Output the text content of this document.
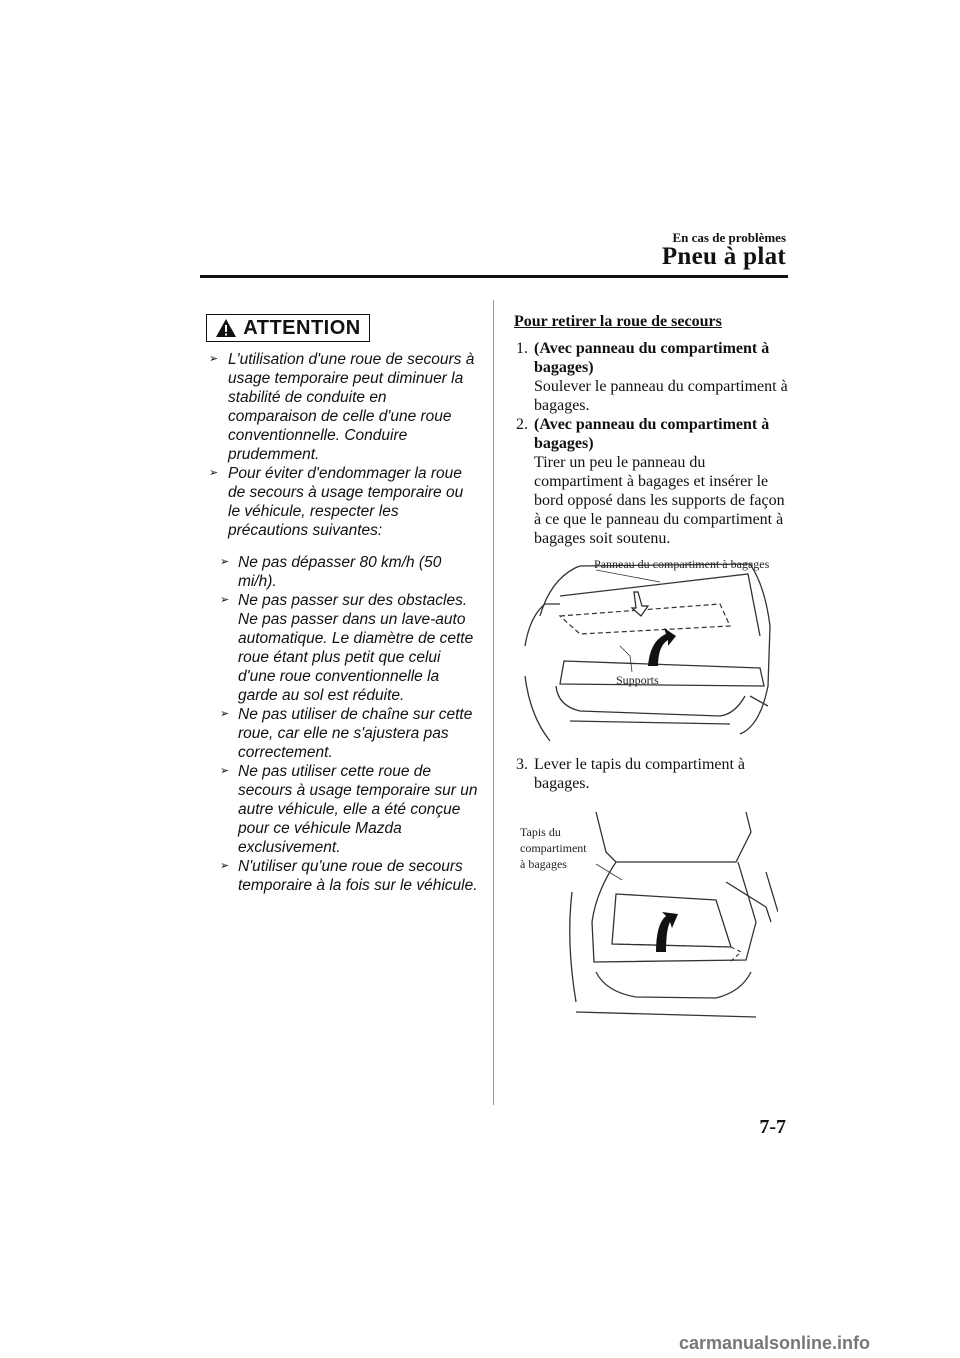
En cas de problèmes
Pneu à plat
ATTENTION
➢ L'utilisation d'une roue de secours à usage temporaire peut diminuer la stabilité de conduite en comparaison de celle d'une roue conventionnelle. Conduire prudemment.
➢ Pour éviter d'endommager la roue de secours à usage temporaire ou le véhicule, respecter les précautions suivantes:
➢ Ne pas dépasser 80 km/h (50 mi/h).
➢ Ne pas passer sur des obstacles. Ne pas passer dans un lave-auto automatique. Le diamètre de cette roue étant plus petit que celui d'une roue conventionnelle la garde au sol est réduite.
➢ Ne pas utiliser de chaîne sur cette roue, car elle ne s'ajustera pas correctement.
➢ Ne pas utiliser cette roue de secours à usage temporaire sur un autre véhicule, elle a été conçue pour ce véhicule Mazda exclusivement.
➢ N'utiliser qu'une roue de secours temporaire à la fois sur le véhicule.
Pour retirer la roue de secours
1. (Avec panneau du compartiment à bagages)
Soulever le panneau du compartiment à bagages.
2. (Avec panneau du compartiment à bagages)
Tirer un peu le panneau du compartiment à bagages et insérer le bord opposé dans les supports de façon à ce que le panneau du compartiment à bagages soit soutenu.
Panneau du compartiment à bagages
Supports
3. Lever le tapis du compartiment à bagages.
Tapis du
compartiment
à bagages
7-7
carmanualsonline.info
